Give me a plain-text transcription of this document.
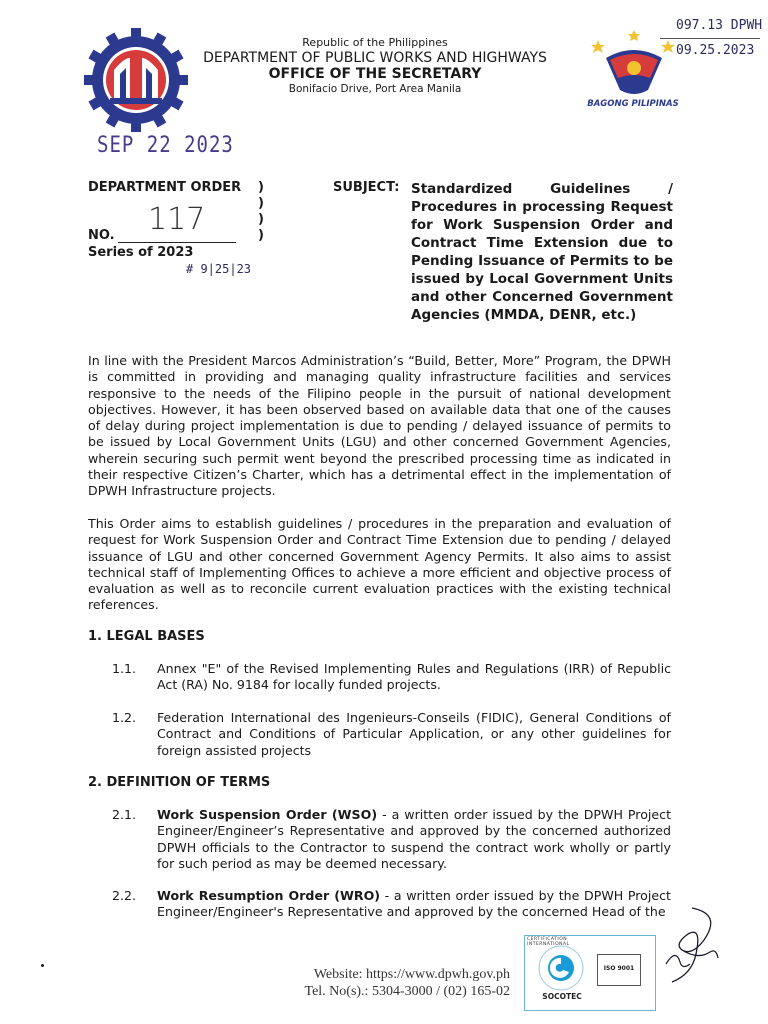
Republic of the Philippines
DEPARTMENT OF PUBLIC WORKS AND HIGHWAYS
OFFICE OF THE SECRETARY
Bonifacio Drive, Port Area Manila
BAGONG PILIPINAS
097.13 DPWH
09.25.2023
SEP 22 2023
DEPARTMENT ORDER	)
)
)
)
NO. 117
Series of 2023
# 9|25|23
SUBJECT: Standardized Guidelines / Procedures in processing Request for Work Suspension Order and Contract Time Extension due to Pending Issuance of Permits to be issued by Local Government Units and other Concerned Government Agencies (MMDA, DENR, etc.)
In line with the President Marcos Administration’s “Build, Better, More” Program, the DPWH is committed in providing and managing quality infrastructure facilities and services responsive to the needs of the Filipino people in the pursuit of national development objectives. However, it has been observed based on available data that one of the causes of delay during project implementation is due to pending / delayed issuance of permits to be issued by Local Government Units (LGU) and other concerned Government Agencies, wherein securing such permit went beyond the prescribed processing time as indicated in their respective Citizen’s Charter, which has a detrimental effect in the implementation of DPWH Infrastructure projects.
This Order aims to establish guidelines / procedures in the preparation and evaluation of request for Work Suspension Order and Contract Time Extension due to pending / delayed issuance of LGU and other concerned Government Agency Permits. It also aims to assist technical staff of Implementing Offices to achieve a more efficient and objective process of evaluation as well as to reconcile current evaluation practices with the existing technical references.
1. LEGAL BASES
1.1. Annex "E" of the Revised Implementing Rules and Regulations (IRR) of Republic Act (RA) No. 9184 for locally funded projects.
1.2. Federation International des Ingenieurs-Conseils (FIDIC), General Conditions of Contract and Conditions of Particular Application, or any other guidelines for foreign assisted projects
2. DEFINITION OF TERMS
2.1. Work Suspension Order (WSO) - a written order issued by the DPWH Project Engineer/Engineer’s Representative and approved by the concerned authorized DPWH officials to the Contractor to suspend the contract work wholly or partly for such period as may be deemed necessary.
2.2. Work Resumption Order (WRO) - a written order issued by the DPWH Project Engineer/Engineer's Representative and approved by the concerned Head of the
Website: https://www.dpwh.gov.ph
Tel. No(s).: 5304-3000 / (02) 165-02
CERTIFICATION INTERNATIONAL
SOCOTEC
ISO 9001
